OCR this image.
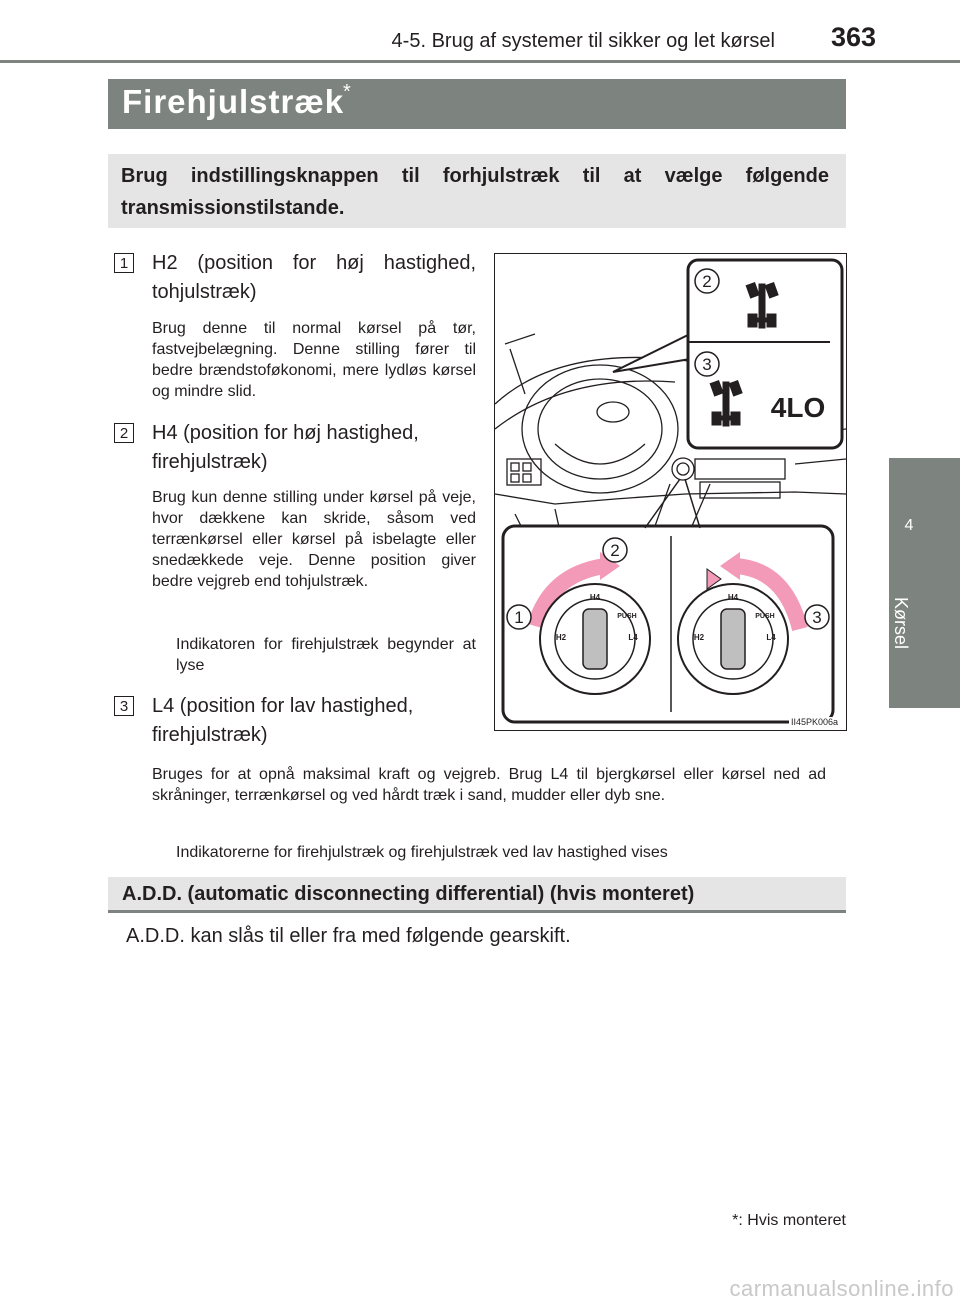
4-5. Brug af systemer til sikker og let kørsel 363
4
Kørsel
Firehjulstræk
*
Brug indstillingsknappen til forhjulstræk til at vælge følgende transmissionstilstande.
1 H2 (position for høj hastighed, tohjulstræk)
Brug denne til normal kørsel på tør, fastvejbelægning. Denne stilling fører til bedre brændstoføkonomi, mere lydløs kørsel og mindre slid.
2 H4 (position for høj hastighed, firehjulstræk)
Brug kun denne stilling under kørsel på veje, hvor dækkene kan skride, såsom ved terrænkørsel eller kørsel på isbelagte eller snedækkede veje. Denne position giver bedre vejgreb end tohjulstræk.
Indikatoren for firehjulstræk begynder at lyse
3 L4 (position for lav hastighed, firehjulstræk)
Bruges for at opnå maksimal kraft og vejgreb. Brug L4 til bjergkørsel eller kørsel ned ad skråninger, terrænkørsel og ved hårdt træk i sand, mudder eller dyb sne.
Indikatorerne for firehjulstræk og firehjulstræk ved lav hastighed vises
2
3
4LO
H4
H2
PUSH
L4
H4
H2
PUSH
L4
1
2
3
II45PK006a
A.D.D. (automatic disconnecting differential) (hvis monteret)
A.D.D. kan slås til eller fra med følgende gearskift.
*: Hvis monteret
carmanualsonline.info
